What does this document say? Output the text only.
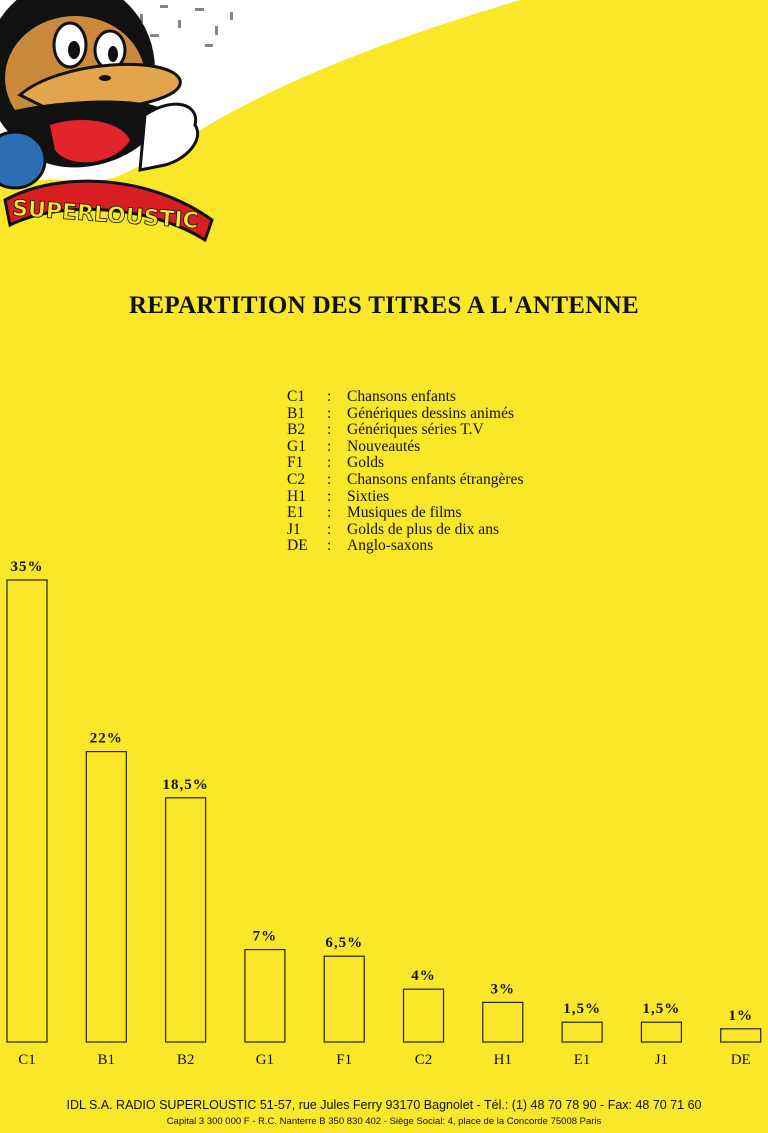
SUPERLOUSTIC
REPARTITION DES TITRES A L'ANTENNE
C1	:	Chansons enfants
B1	:	Génériques dessins animés
B2	:	Génériques séries T.V
G1	:	Nouveautés
F1	:	Golds
C2	:	Chansons enfants étrangères
H1	:	Sixties
E1	:	Musiques de films
J1	:	Golds de plus de dix ans
DE	:	Anglo-saxons
35%
C1
22%
B1
18,5%
B2
7%
G1
6,5%
F1
4%
C2
3%
H1
1,5%
E1
1,5%
J1
1%
DE
IDL S.A. RADIO SUPERLOUSTIC 51-57, rue Jules Ferry 93170 Bagnolet - Tél.: (1) 48 70 78 90 - Fax: 48 70 71 60
Capital 3 300 000 F - R.C. Nanterre B 350 830 402 - Siège Social: 4, place de la Concorde 75008 Paris
